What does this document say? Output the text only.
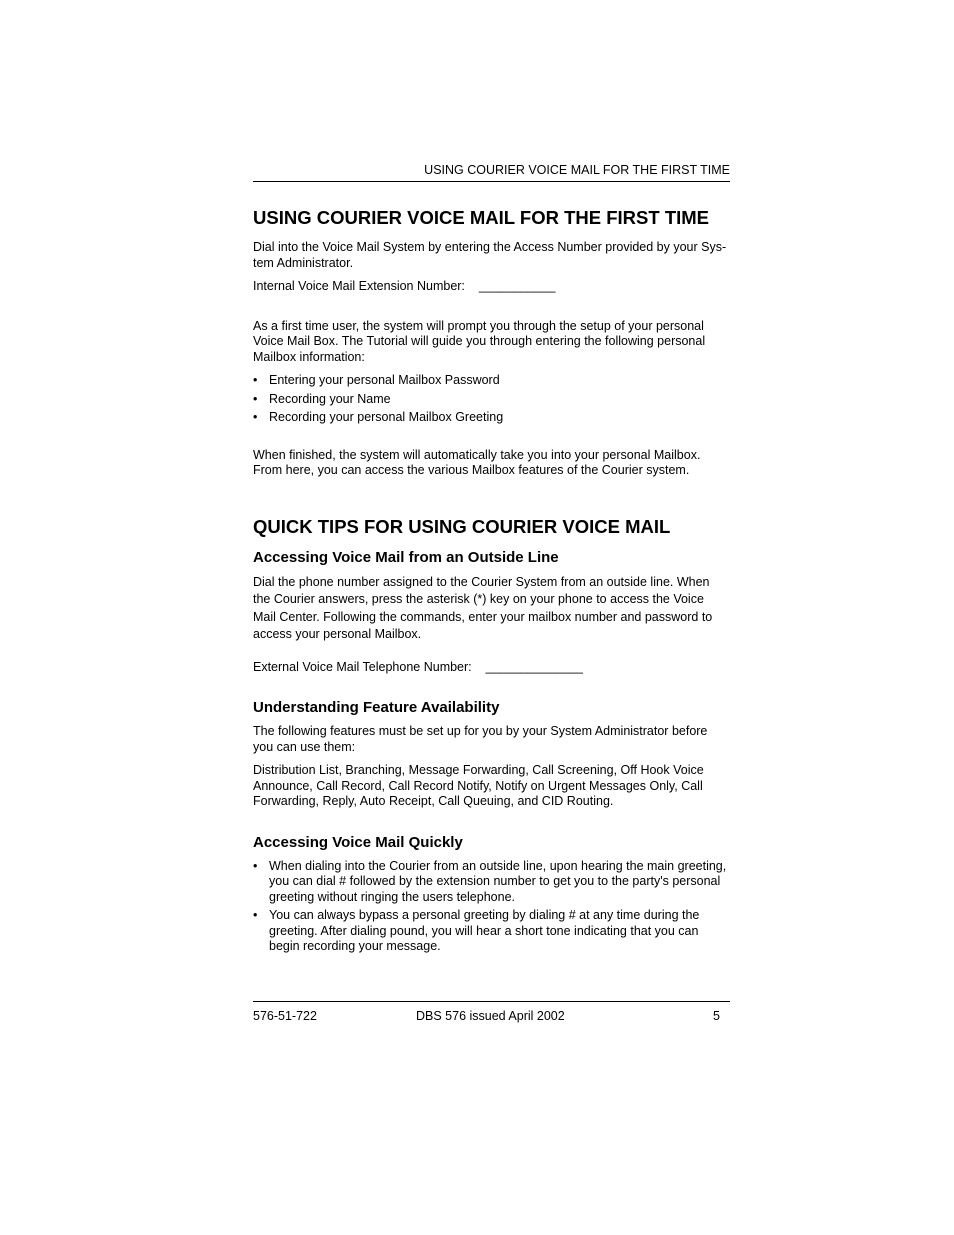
USING COURIER VOICE MAIL FOR THE FIRST TIME
USING COURIER VOICE MAIL FOR THE FIRST TIME

Dial into the Voice Mail System by entering the Access Number provided by your Sys-tem Administrator.

Internal Voice Mail Extension Number: ___________

As a first time user, the system will prompt you through the setup of your personal Voice Mail Box. The Tutorial will guide you through entering the following personal Mailbox information:

• Entering your personal Mailbox Password
• Recording your Name
• Recording your personal Mailbox Greeting

When finished, the system will automatically take you into your personal Mailbox. From here, you can access the various Mailbox features of the Courier system.

QUICK TIPS FOR USING COURIER VOICE MAIL
Accessing Voice Mail from an Outside Line

Dial the phone number assigned to the Courier System from an outside line. When the Courier answers, press the asterisk (*) key on your phone to access the Voice Mail Center. Following the commands, enter your mailbox number and password to access your personal Mailbox.

External Voice Mail Telephone Number: ______________

Understanding Feature Availability

The following features must be set up for you by your System Administrator before you can use them:

Distribution List, Branching, Message Forwarding, Call Screening, Off Hook Voice Announce, Call Record, Call Record Notify, Notify on Urgent Messages Only, Call Forwarding, Reply, Auto Receipt, Call Queuing, and CID Routing.

Accessing Voice Mail Quickly
• When dialing into the Courier from an outside line, upon hearing the main greeting, you can dial # followed by the extension number to get you to the party's personal greeting without ringing the users telephone.
• You can always bypass a personal greeting by dialing # at any time during the greeting. After dialing pound, you will hear a short tone indicating that you can begin recording your message.
576-51-722	DBS 576 issued April 2002	5
